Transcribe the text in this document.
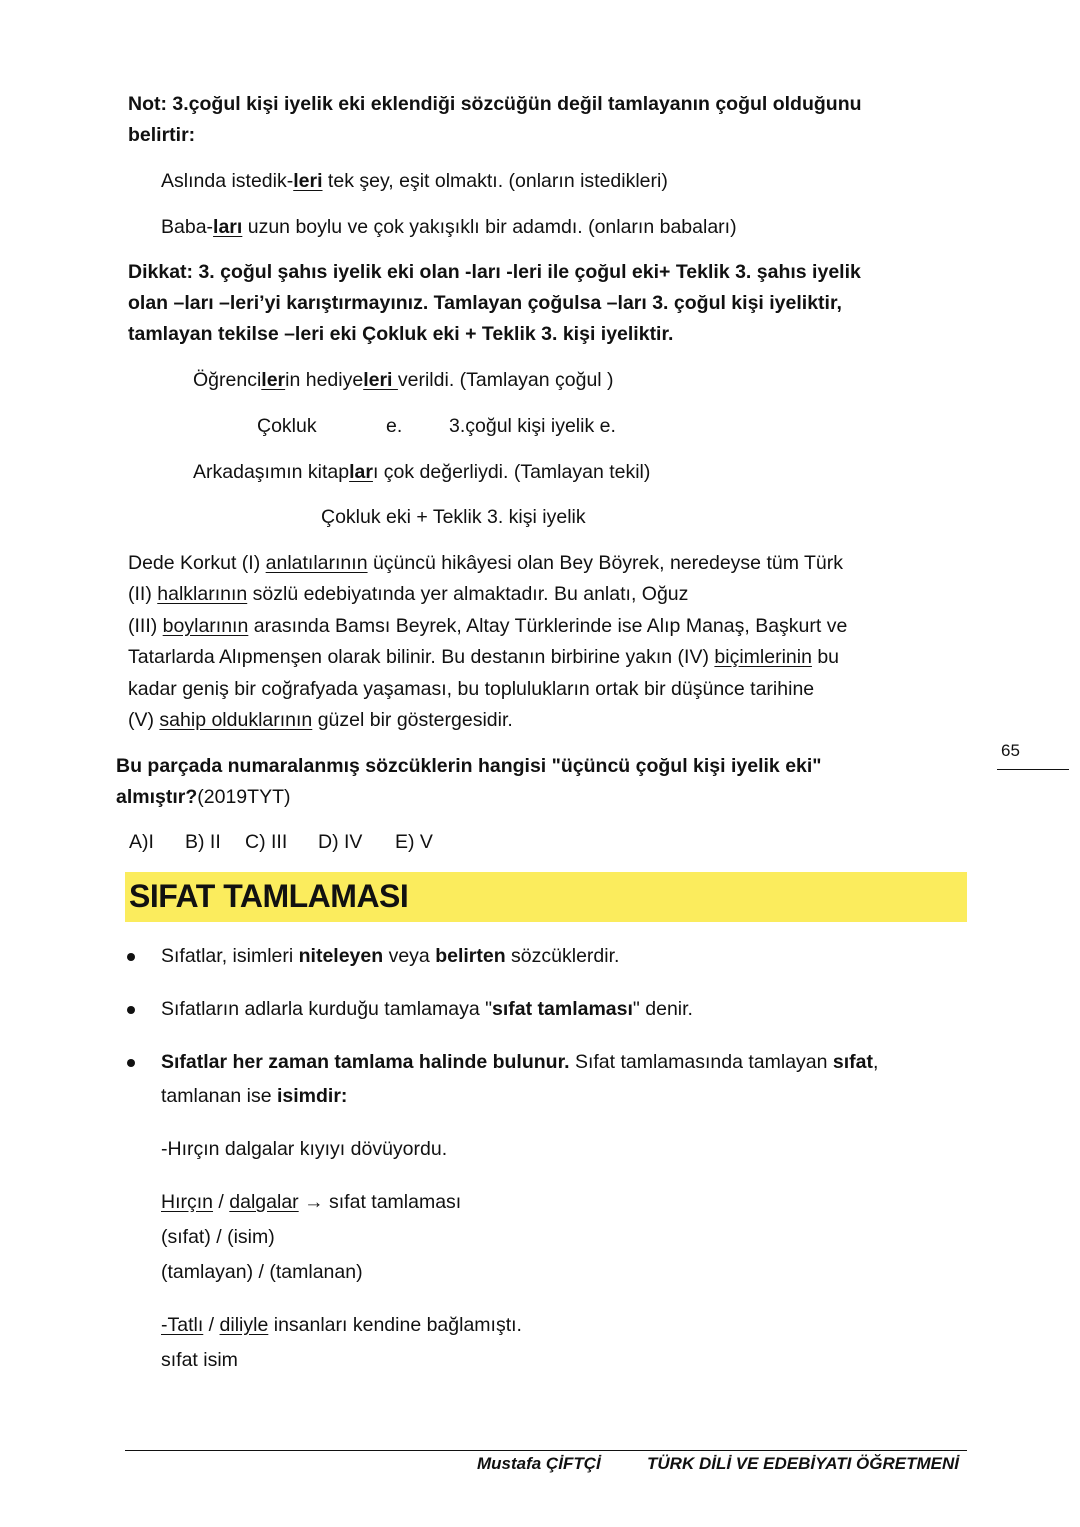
Not: 3.çoğul kişi iyelik eki eklendiği sözcüğün değil tamlayanın çoğul olduğunu
belirtir:
Aslında istedik-leri tek şey, eşit olmaktı. (onların istedikleri)
Baba-ları uzun boylu ve çok yakışıklı bir adamdı. (onların babaları)
Dikkat: 3. çoğul şahıs iyelik eki olan -ları -leri ile çoğul eki+ Teklik 3. şahıs iyelik
olan –ları –leri’yi karıştırmayınız. Tamlayan çoğulsa –ları 3. çoğul kişi iyeliktir,
tamlayan tekilse –leri eki Çokluk eki + Teklik 3. kişi iyeliktir.
Öğrencilerin hediyeleri verildi. (Tamlayan çoğul )
Çokluk	e. 3.çoğul kişi iyelik e.
Arkadaşımın kitapları çok değerliydi. (Tamlayan tekil)
Çokluk eki + Teklik 3. kişi iyelik
Dede Korkut (I) anlatılarının üçüncü hikâyesi olan Bey Böyrek, neredeyse tüm Türk
(II) halklarının sözlü edebiyatında yer almaktadır. Bu anlatı, Oğuz
(III) boylarının arasında Bamsı Beyrek, Altay Türklerinde ise Alıp Manaş, Başkurt ve
Tatarlarda Alıpmenşen olarak bilinir. Bu destanın birbirine yakın (IV) biçimlerinin bu
kadar geniş bir coğrafyada yaşaması, bu toplulukların ortak bir düşünce tarihine
(V) sahip olduklarının güzel bir göstergesidir.
65
Bu parçada numaralanmış sözcüklerin hangisi "üçüncü çoğul kişi iyelik eki"
almıştır?(2019TYT)
A)I B) II C) III D) IV E) V
SIFAT TAMLAMASI
Sıfatlar, isimleri niteleyen veya belirten sözcüklerdir.
Sıfatların adlarla kurduğu tamlamaya "sıfat tamlaması" denir.
Sıfatlar her zaman tamlama halinde bulunur. Sıfat tamlamasında tamlayan sıfat,
tamlanan ise isimdir:
-Hırçın dalgalar kıyıyı dövüyordu.
Hırçın / dalgalar → sıfat tamlaması
(sıfat) / (isim)
(tamlayan) / (tamlanan)
-Tatlı / diliyle insanları kendine bağlamıştı.
sıfat isim
Mustafa ÇİFTÇİ	TÜRK DİLİ VE EDEBİYATI ÖĞRETMENİ
